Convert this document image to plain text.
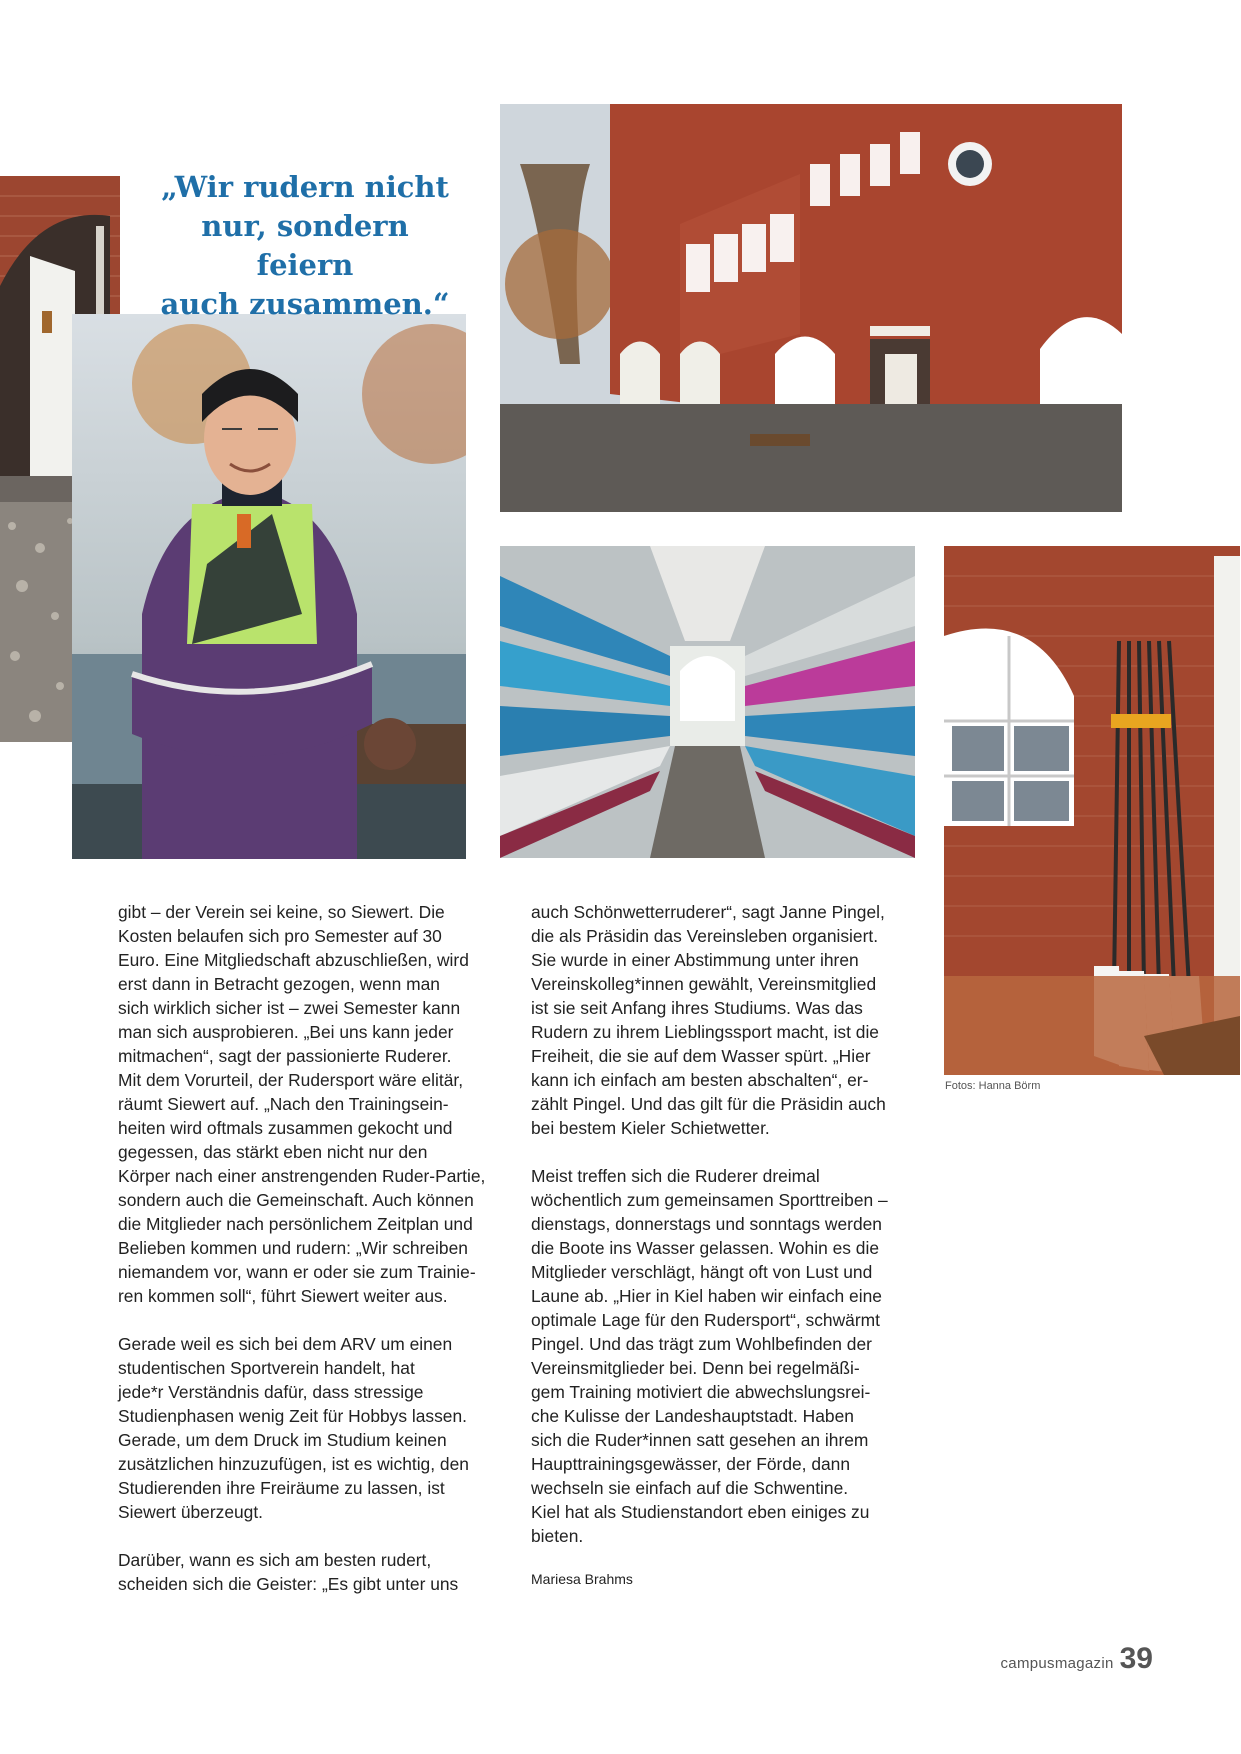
„Wir rudern nicht
nur, sondern feiern
auch zusammen.“

gibt – der Verein sei keine, so Siewert. Die
Kosten belaufen sich pro Semester auf 30
Euro. Eine Mitgliedschaft abzuschließen, wird
erst dann in Betracht gezogen, wenn man
sich wirklich sicher ist – zwei Semester kann
man sich ausprobieren. „Bei uns kann jeder
mitmachen“, sagt der passionierte Ruderer.
Mit dem Vorurteil, der Rudersport wäre elitär,
räumt Siewert auf. „Nach den Trainingsein-
heiten wird oftmals zusammen gekocht und
gegessen, das stärkt eben nicht nur den
Körper nach einer anstrengenden Ruder-Partie,
sondern auch die Gemeinschaft. Auch können
die Mitglieder nach persönlichem Zeitplan und
Belieben kommen und rudern: „Wir schreiben
niemandem vor, wann er oder sie zum Trainie-
ren kommen soll“, führt Siewert weiter aus.

Gerade weil es sich bei dem ARV um einen
studentischen Sportverein handelt, hat
jede*r Verständnis dafür, dass stressige
Studienphasen wenig Zeit für Hobbys lassen.
Gerade, um dem Druck im Studium keinen
zusätzlichen hinzuzufügen, ist es wichtig, den
Studierenden ihre Freiräume zu lassen, ist
Siewert überzeugt.

Darüber, wann es sich am besten rudert,
scheiden sich die Geister: „Es gibt unter uns

auch Schönwetterruderer“, sagt Janne Pingel,
die als Präsidin das Vereinsleben organisiert.
Sie wurde in einer Abstimmung unter ihren
Vereinskolleg*innen gewählt, Vereinsmitglied
ist sie seit Anfang ihres Studiums. Was das
Rudern zu ihrem Lieblingssport macht, ist die
Freiheit, die sie auf dem Wasser spürt. „Hier
kann ich einfach am besten abschalten“, er-
zählt Pingel. Und das gilt für die Präsidin auch
bei bestem Kieler Schietwetter.

Meist treffen sich die Ruderer dreimal
wöchentlich zum gemeinsamen Sporttreiben –
dienstags, donnerstags und sonntags werden
die Boote ins Wasser gelassen. Wohin es die
Mitglieder verschlägt, hängt oft von Lust und
Laune ab. „Hier in Kiel haben wir einfach eine
optimale Lage für den Rudersport“, schwärmt
Pingel. Und das trägt zum Wohlbefinden der
Vereinsmitglieder bei. Denn bei regelmäßi-
gem Training motiviert die abwechslungsrei-
che Kulisse der Landeshauptstadt. Haben
sich die Ruder*innen satt gesehen an ihrem
Haupttrainingsgewässer, der Förde, dann
wechseln sie einfach auf die Schwentine.
Kiel hat als Studienstandort eben einiges zu
bieten.

Mariesa Brahms
Fotos: Hanna Börm
campusmagazin 39
